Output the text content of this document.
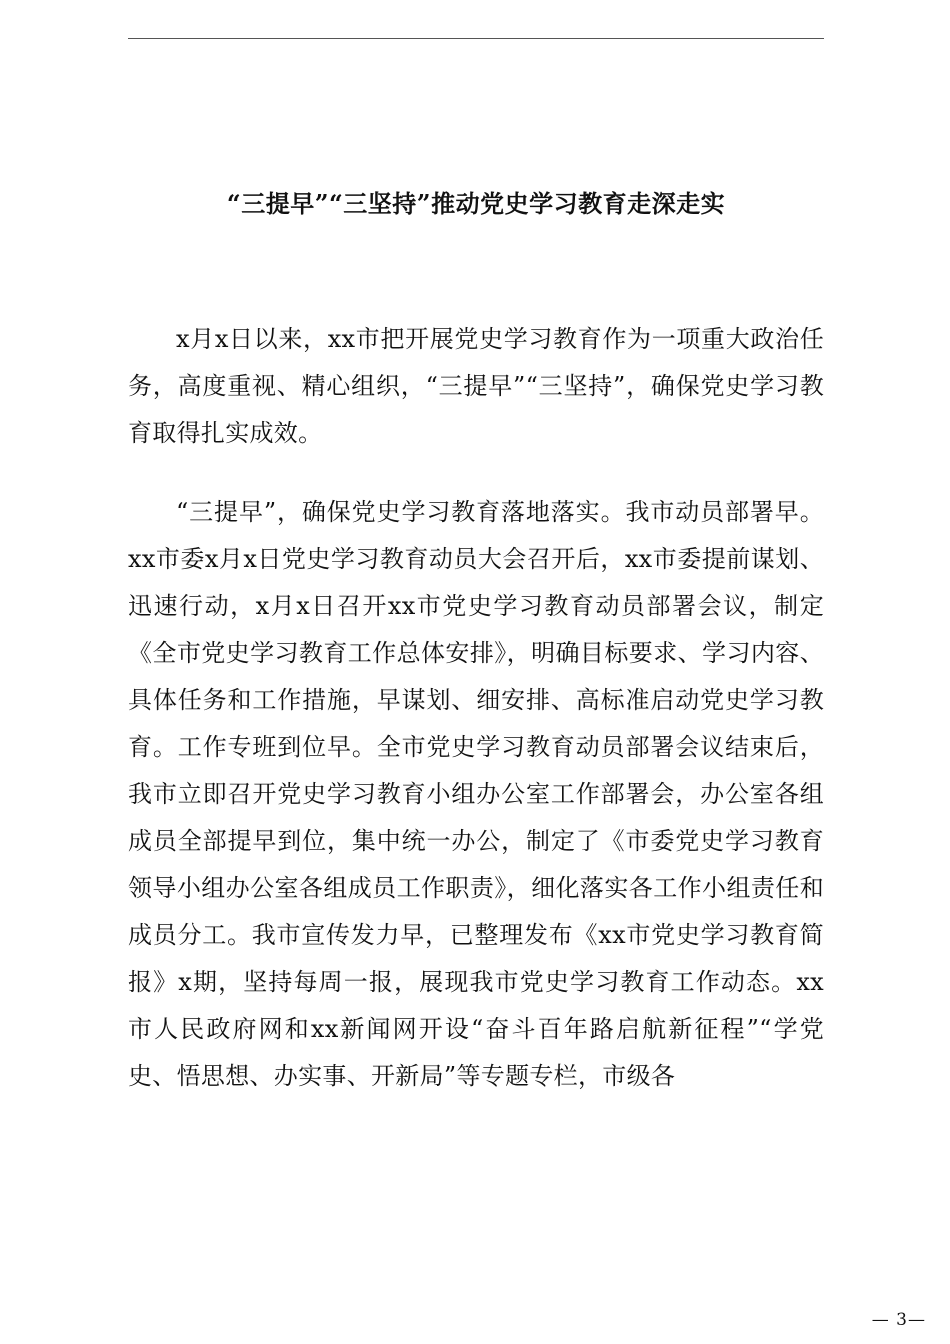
“三提早”“三坚持”推动党史学习教育走深走实

x月x日以来，xx市把开展党史学习教育作为一项重大政治任务，高度重视、精心组织，“三提早”“三坚持”，确保党史学习教育取得扎实成效。

“三提早”，确保党史学习教育落地落实。我市动员部署早。xx市委x月x日党史学习教育动员大会召开后，xx市委提前谋划、迅速行动，x月x日召开xx市党史学习教育动员部署会议，制定《全市党史学习教育工作总体安排》，明确目标要求、学习内容、具体任务和工作措施，早谋划、细安排、高标准启动党史学习教育。工作专班到位早。全市党史学习教育动员部署会议结束后，我市立即召开党史学习教育小组办公室工作部署会，办公室各组成员全部提早到位，集中统一办公，制定了《市委党史学习教育领导小组办公室各组成员工作职责》，细化落实各工作小组责任和成员分工。我市宣传发力早，已整理发布《xx市党史学习教育简报》x期，坚持每周一报，展现我市党史学习教育工作动态。xx市人民政府网和xx新闻网开设“奋斗百年路启航新征程”“学党史、悟思想、办实事、开新局”等专题专栏，市级各

— 3—
